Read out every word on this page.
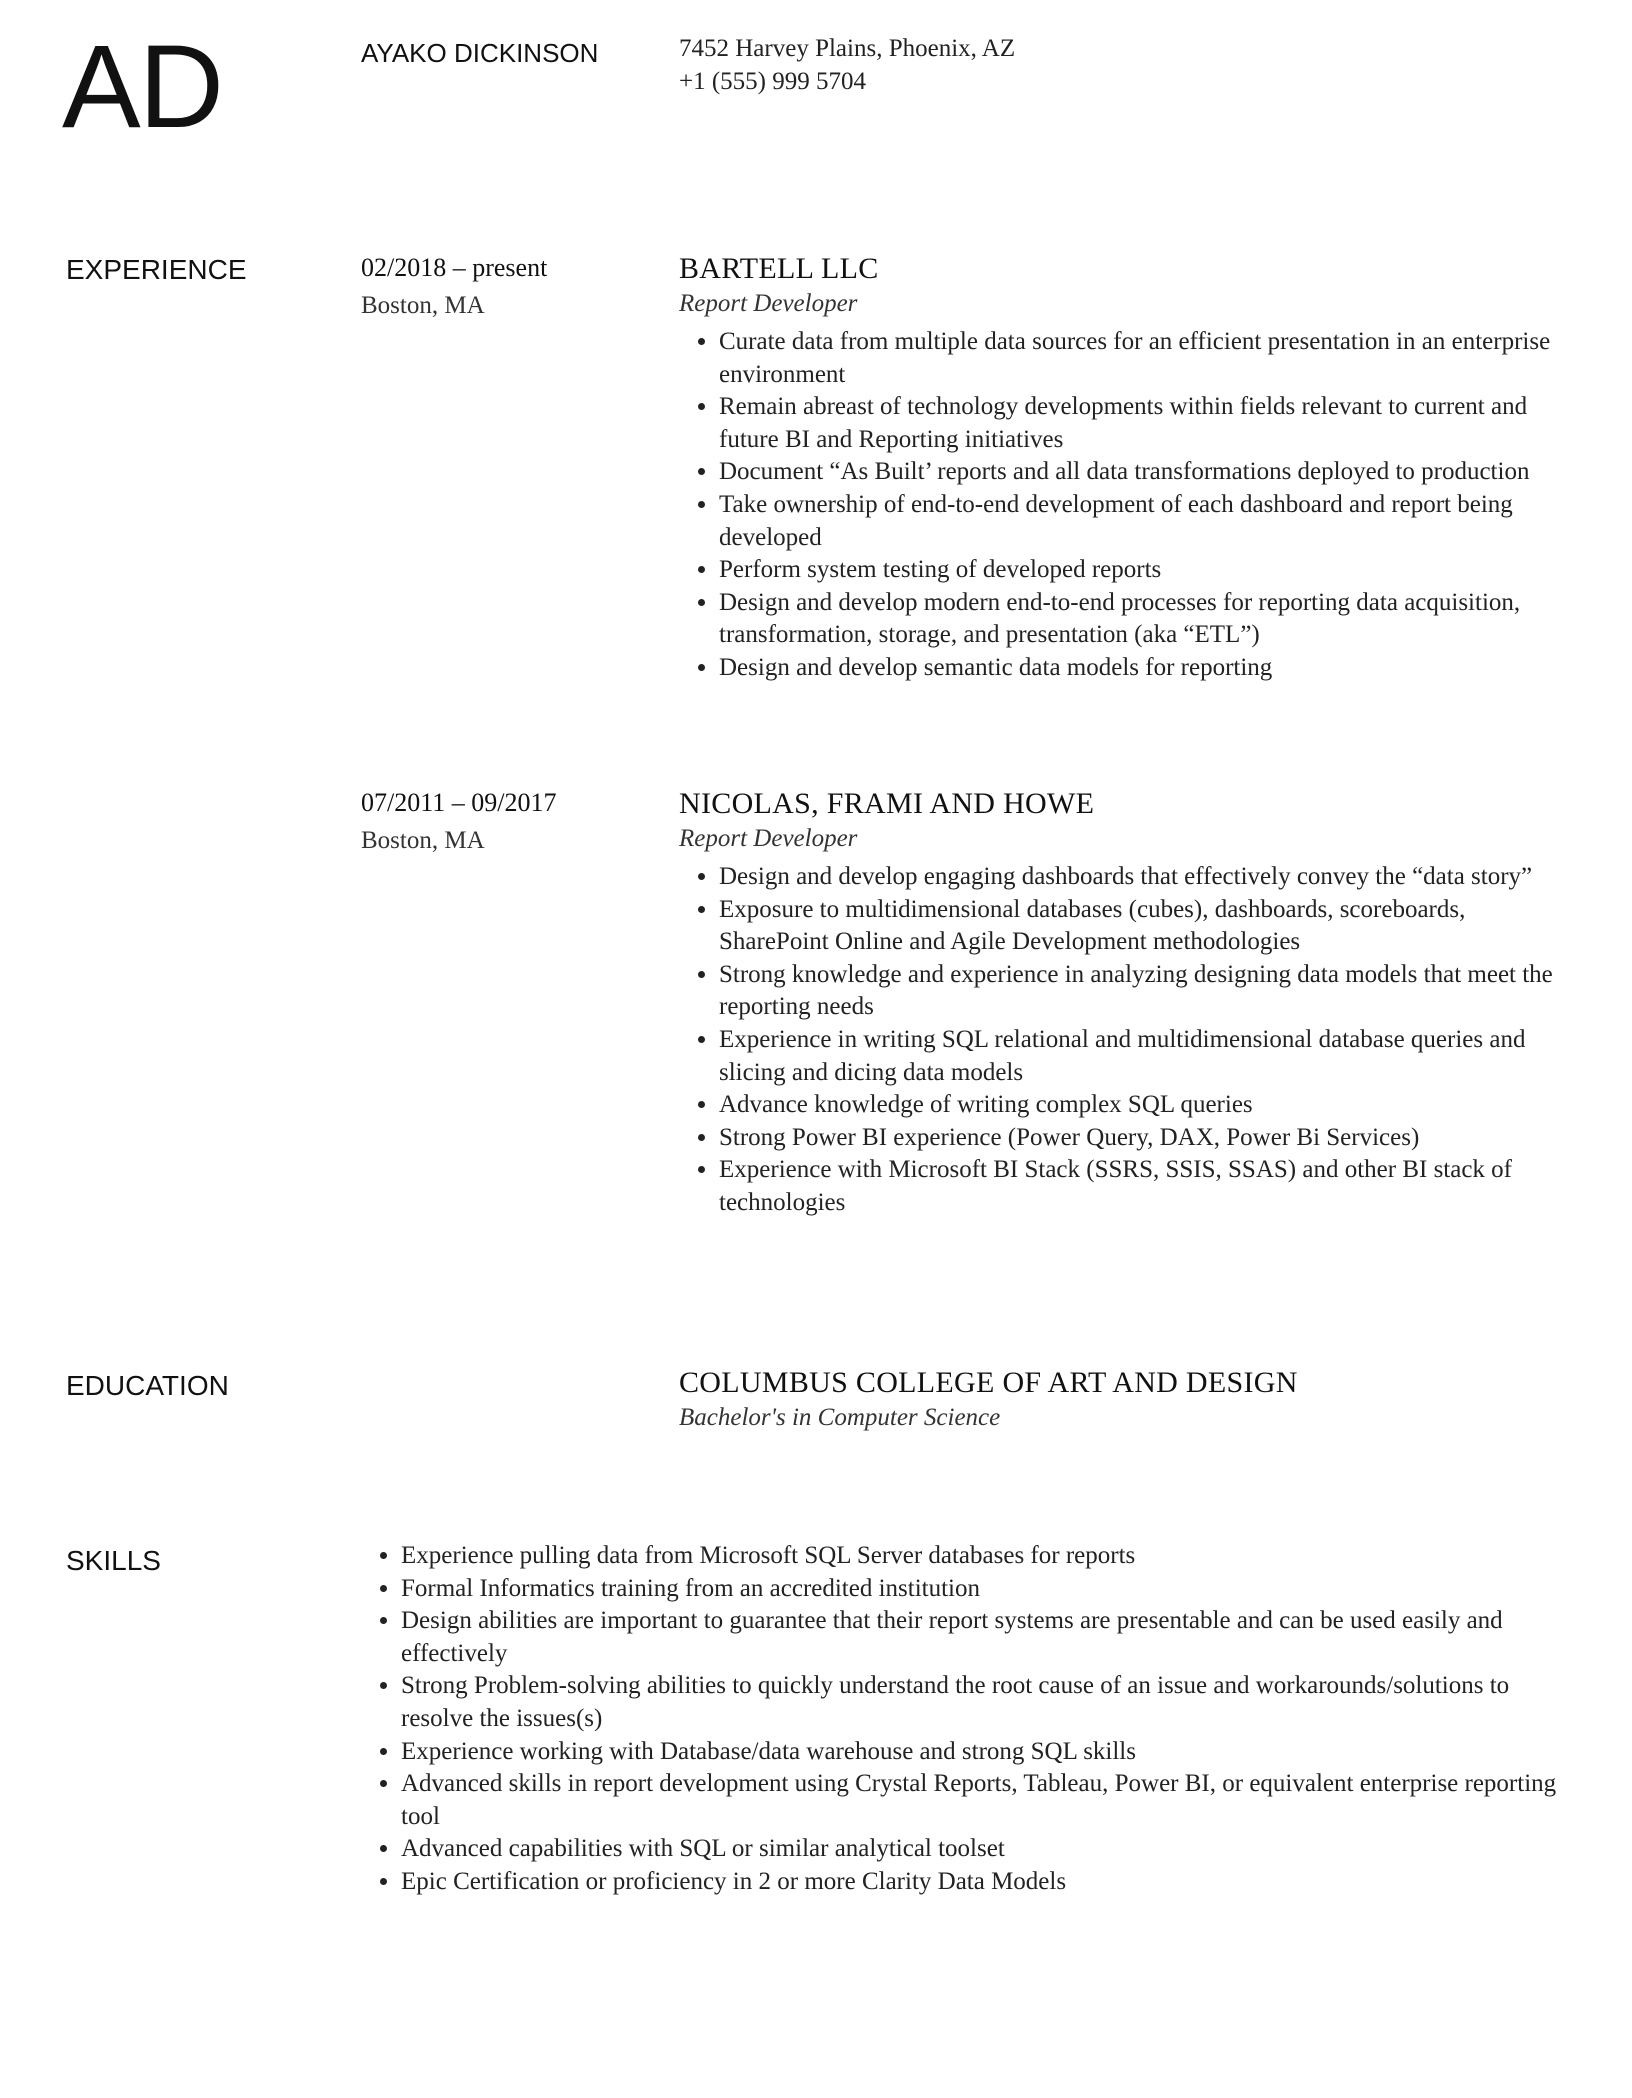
AD	AYAKO DICKINSON	7452 Harvey Plains, Phoenix, AZ
+1 (555) 999 5704
EXPERIENCE	02/2018 – present
Boston, MA
BARTELL LLC
Report Developer
• Curate data from multiple data sources for an efficient presentation in an enterprise environment
• Remain abreast of technology developments within fields relevant to current and future BI and Reporting initiatives
• Document “As Built’ reports and all data transformations deployed to production
• Take ownership of end-to-end development of each dashboard and report being developed
• Perform system testing of developed reports
• Design and develop modern end-to-end processes for reporting data acquisition, transformation, storage, and presentation (aka “ETL”)
• Design and develop semantic data models for reporting
07/2011 – 09/2017
Boston, MA
NICOLAS, FRAMI AND HOWE
Report Developer
• Design and develop engaging dashboards that effectively convey the “data story”
• Exposure to multidimensional databases (cubes), dashboards, scoreboards, SharePoint Online and Agile Development methodologies
• Strong knowledge and experience in analyzing designing data models that meet the reporting needs
• Experience in writing SQL relational and multidimensional database queries and slicing and dicing data models
• Advance knowledge of writing complex SQL queries
• Strong Power BI experience (Power Query, DAX, Power Bi Services)
• Experience with Microsoft BI Stack (SSRS, SSIS, SSAS) and other BI stack of technologies
EDUCATION	COLUMBUS COLLEGE OF ART AND DESIGN
Bachelor's in Computer Science
SKILLS
•	Experience pulling data from Microsoft SQL Server databases for reports
• Formal Informatics training from an accredited institution
• Design abilities are important to guarantee that their report systems are presentable and can be used easily and effectively
• Strong Problem-solving abilities to quickly understand the root cause of an issue and workarounds/solutions to resolve the issues(s)
• Experience working with Database/data warehouse and strong SQL skills
• Advanced skills in report development using Crystal Reports, Tableau, Power BI, or equivalent enterprise reporting tool
• Advanced capabilities with SQL or similar analytical toolset
• Epic Certification or proficiency in 2 or more Clarity Data Models
